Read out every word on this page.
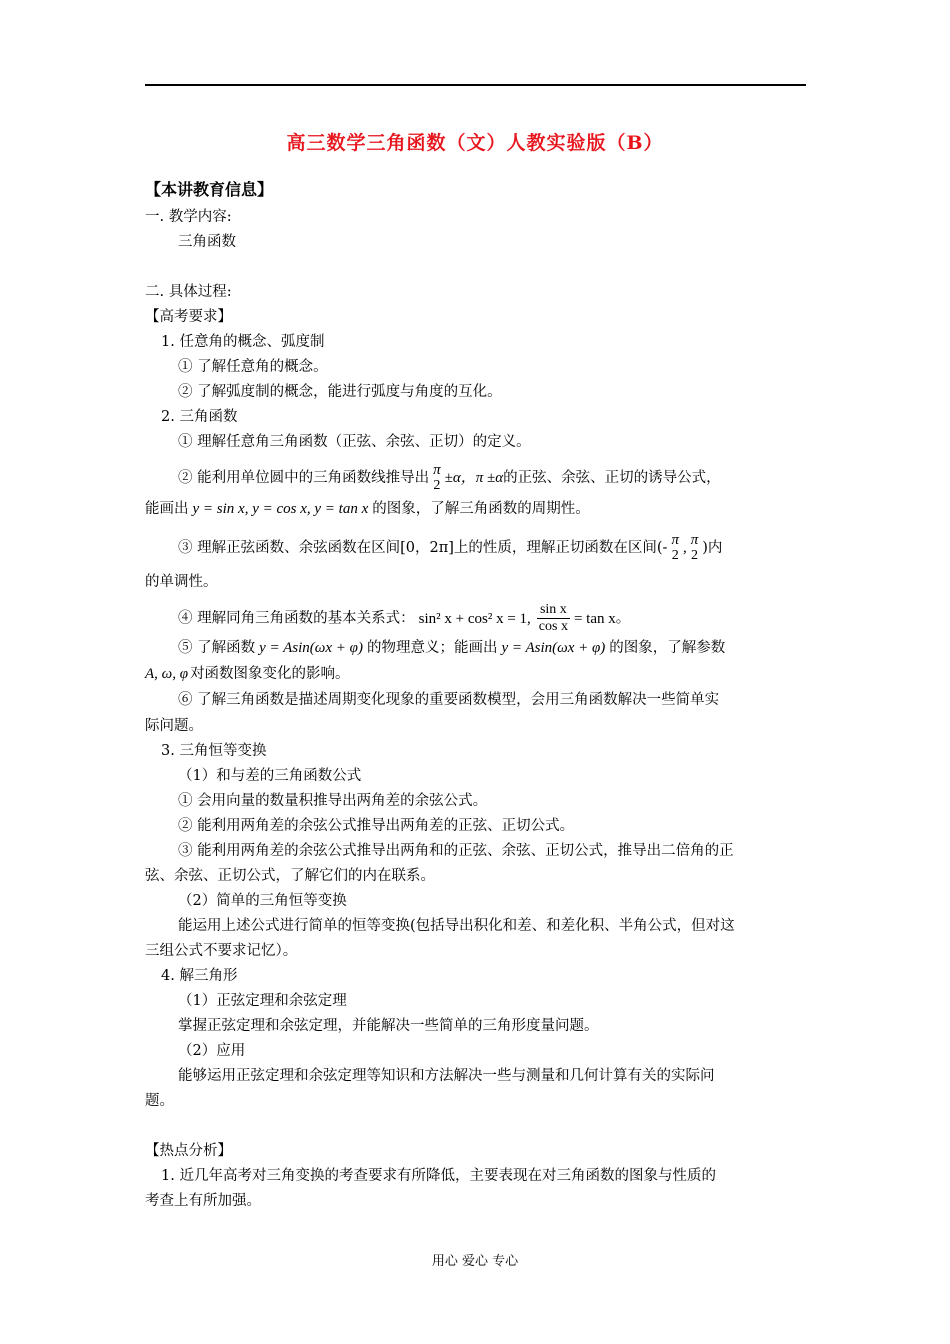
高三数学三角函数（文）人教实验版（B）
【本讲教育信息】
一. 教学内容:
三角函数
二. 具体过程:
【高考要求】
1. 任意角的概念、弧度制
① 了解任意角的概念。
② 了解弧度制的概念，能进行弧度与角度的互化。
2. 三角函数
① 理解任意角三角函数（正弦、余弦、正切）的定义。
② 能利用单位圆中的三角函数线推导出 π
2 ±α，π ±α的正弦、余弦、正切的诱导公式，
能画出 y = sin x, y = cos x, y = tan x 的图象，了解三角函数的周期性。
③ 理解正弦函数、余弦函数在区间[0，2π]上的性质，理解正切函数在区间(- π
2 , π
2 )内
的单调性。
④ 理解同角三角函数的基本关系式： sin² x + cos² x = 1, $\frac{\text{sin x}}{\text{cos x}} = \tan x$。
⑤ 了解函数 y = Asin(ωx + φ) 的物理意义；能画出 y = Asin(ωx + φ) 的图象，了解参数
A, ω, φ 对函数图象变化的影响。
⑥ 了解三角函数是描述周期变化现象的重要函数模型，会用三角函数解决一些简单实
际问题。
3. 三角恒等变换
（1）和与差的三角函数公式
① 会用向量的数量积推导出两角差的余弦公式。
② 能利用两角差的余弦公式推导出两角差的正弦、正切公式。
③ 能利用两角差的余弦公式推导出两角和的正弦、余弦、正切公式，推导出二倍角的正
弦、余弦、正切公式，了解它们的内在联系。
（2）简单的三角恒等变换
能运用上述公式进行简单的恒等变换(包括导出积化和差、和差化积、半角公式，但对这
三组公式不要求记忆）。
4. 解三角形
（1）正弦定理和余弦定理
掌握正弦定理和余弦定理，并能解决一些简单的三角形度量问题。
（2）应用
能够运用正弦定理和余弦定理等知识和方法解决一些与测量和几何计算有关的实际问
题。
【热点分析】
1. 近几年高考对三角变换的考查要求有所降低，主要表现在对三角函数的图象与性质的
考查上有所加强。
用心 爱心 专心
